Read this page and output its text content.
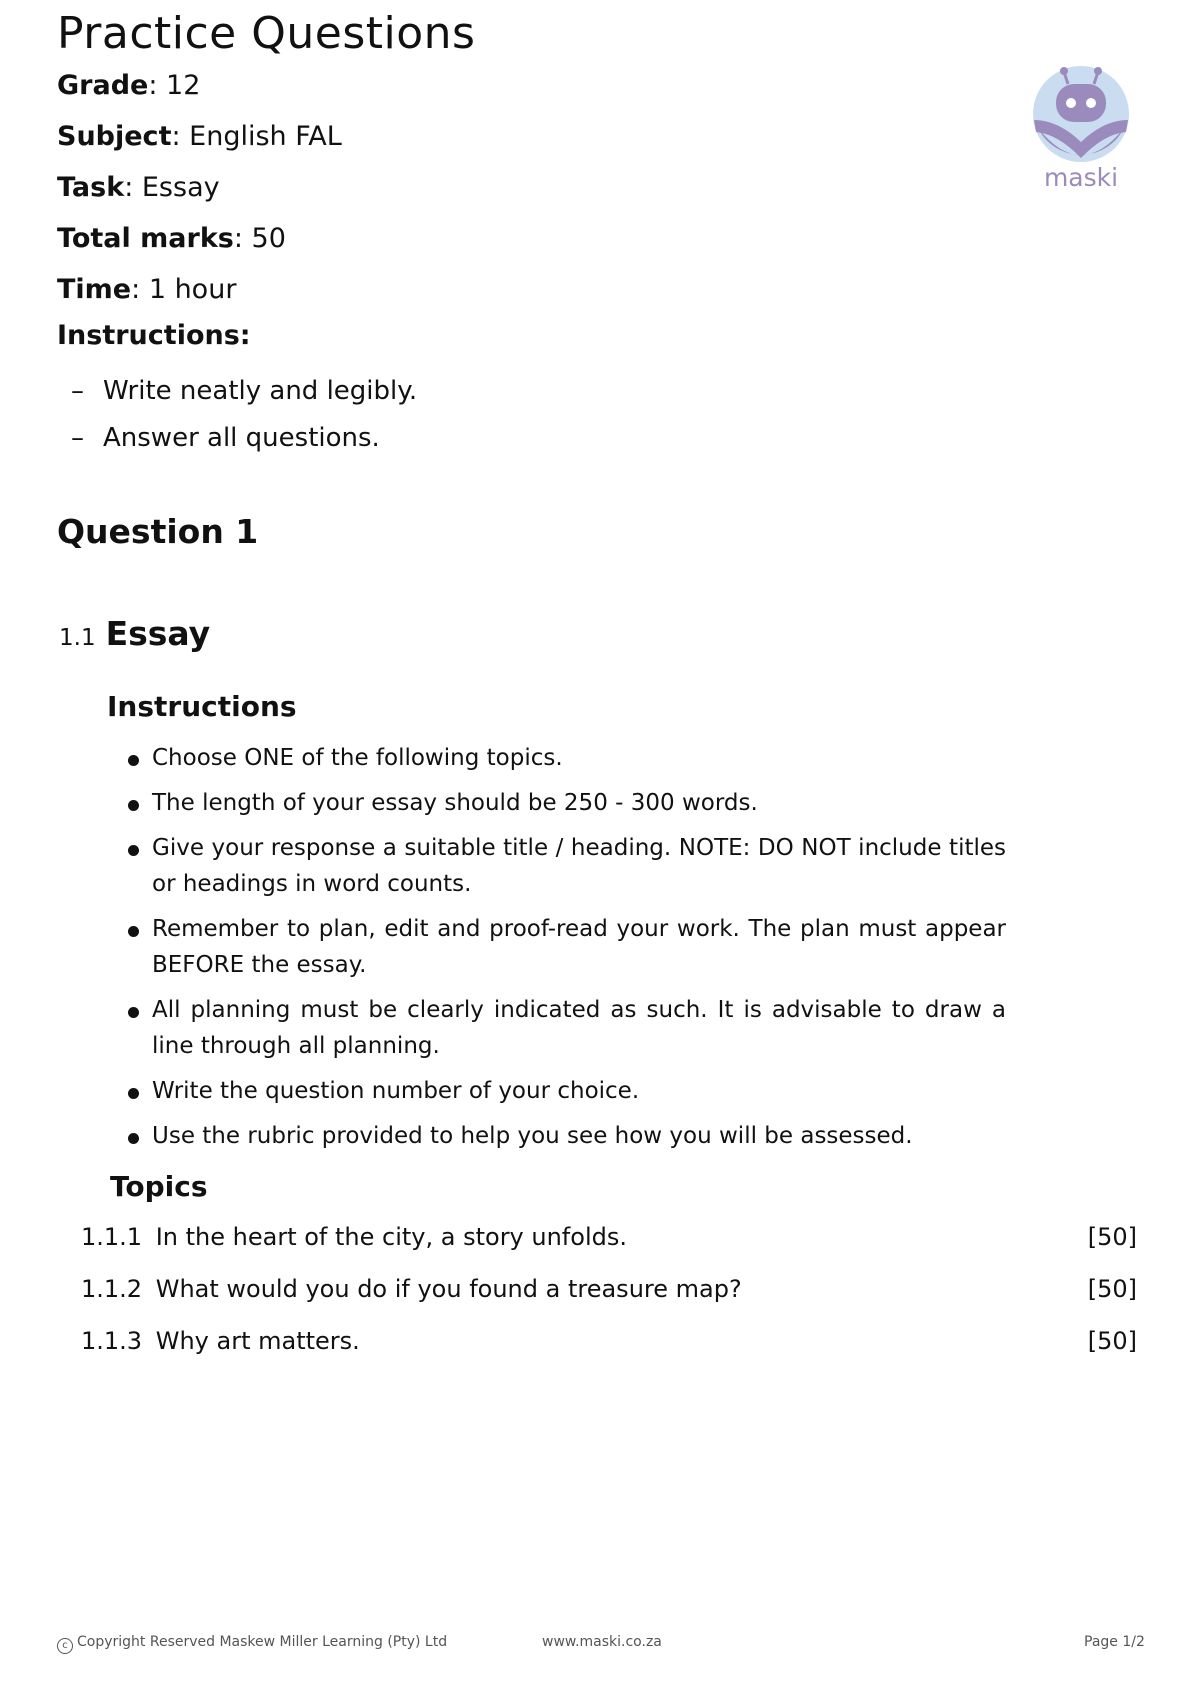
Practice Questions
Grade: 12
Subject: English FAL
Task: Essay
Total marks: 50
Time: 1 hour
maski
Instructions:
– Write neatly and legibly.
– Answer all questions.
Question 1
1.1 Essay
Instructions
Choose ONE of the following topics.
The length of your essay should be 250 - 300 words.
Give your response a suitable title / heading. NOTE: DO NOT include titles or headings in word counts.
Remember to plan, edit and proof-read your work. The plan must appear BEFORE the essay.
All planning must be clearly indicated as such. It is advisable to draw a line through all planning.
Write the question number of your choice.
Use the rubric provided to help you see how you will be assessed.
Topics
1.1.1 In the heart of the city, a story unfolds.	[50]
1.1.2 What would you do if you found a treasure map?	[50]
1.1.3 Why art matters.	[50]
c Copyright Reserved Maskew Miller Learning (Pty) Ltd	www.maski.co.za	Page 1/2
